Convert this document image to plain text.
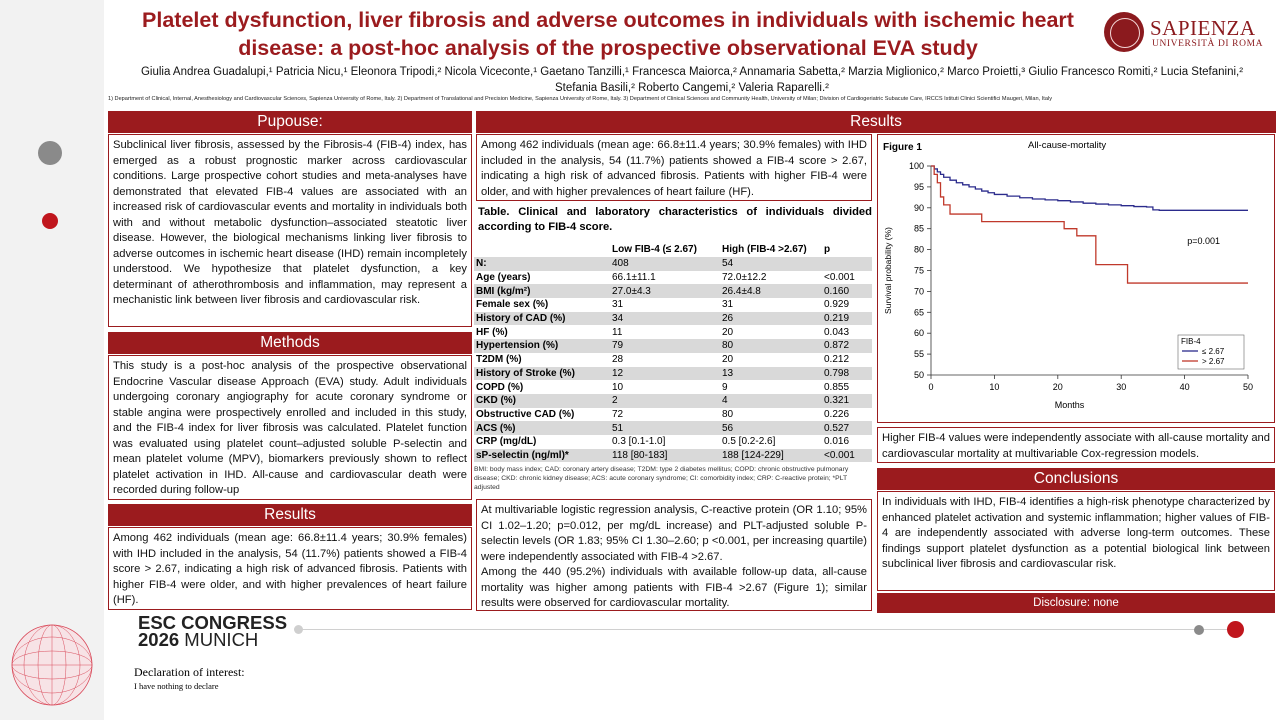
Platelet dysfunction, liver fibrosis and adverse outcomes in individuals with ischemic heart disease: a post-hoc analysis of the prospective observational EVA study
SAPIENZA
UNIVERSITÀ DI ROMA
Giulia Andrea Guadalupi,¹ Patricia Nicu,¹ Eleonora Tripodi,² Nicola Viceconte,¹ Gaetano Tanzilli,¹ Francesca Maiorca,² Annamaria Sabetta,² Marzia Miglionico,² Marco Proietti,³ Giulio Francesco Romiti,² Lucia Stefanini,²
Stefania Basili,² Roberto Cangemi,² Valeria Raparelli.²
1) Department of Clinical, Internal, Anesthesiology and Cardiovascular Sciences, Sapienza University of Rome, Italy. 2) Department of Translational and Precision Medicine, Sapienza University of Rome, Italy. 3) Department of Clinical Sciences and Community Health, University of Milan; Division of Cardiogeriatric Subacute Care, IRCCS Istituti Clinici Scientifici Maugeri, Milan, Italy
Pupouse:
Subclinical liver fibrosis, assessed by the Fibrosis-4 (FIB-4) index, has emerged as a robust prognostic marker across cardiovascular conditions. Large prospective cohort studies and meta-analyses have demonstrated that elevated FIB-4 values are associated with an increased risk of cardiovascular events and mortality in individuals both with and without metabolic dysfunction–associated steatotic liver disease. However, the biological mechanisms linking liver fibrosis to adverse outcomes in ischemic heart disease (IHD) remain incompletely understood. We hypothesize that platelet dysfunction, a key determinant of atherothrombosis and inflammation, may represent a mechanistic link between liver fibrosis and cardiovascular risk.
Methods
This study is a post-hoc analysis of the prospective observational Endocrine Vascular disease Approach (EVA) study. Adult individuals undergoing coronary angiography for acute coronary syndrome or stable angina were prospectively enrolled and included in this study, and the FIB-4 index for liver fibrosis was calculated. Platelet function was evaluated using platelet count–adjusted soluble P-selectin and mean platelet volume (MPV), biomarkers previously shown to reflect platelet activation in IHD. All-cause and cardiovascular death were recorded during follow-up
Results
Among 462 individuals (mean age: 66.8±11.4 years; 30.9% females) with IHD included in the analysis, 54 (11.7%) patients showed a FIB-4 score > 2.67, indicating a high risk of advanced fibrosis. Patients with higher FIB-4 were older, and with higher prevalences of heart failure (HF).
Results
Among 462 individuals (mean age: 66.8±11.4 years; 30.9% females) with IHD included in the analysis, 54 (11.7%) patients showed a FIB-4 score > 2.67, indicating a high risk of advanced fibrosis. Patients with higher FIB-4 were older, and with higher prevalences of heart failure (HF).
Table. Clinical and laboratory characteristics of individuals divided according to FIB-4 score.
	Low FIB-4 (≤ 2.67)	High (FIB-4 >2.67)	p
N:	408	54	
Age (years)	66.1±11.1	72.0±12.2	<0.001
BMI (kg/m²)	27.0±4.3	26.4±4.8	0.160
Female sex (%)	31	31	0.929
History of CAD (%)	34	26	0.219
HF (%)	11	20	0.043
Hypertension (%)	79	80	0.872
T2DM (%)	28	20	0.212
History of Stroke (%)	12	13	0.798
COPD (%)	10	9	0.855
CKD (%)	2	4	0.321
Obstructive CAD (%)	72	80	0.226
ACS (%)	51	56	0.527
CRP (mg/dL)	0.3 [0.1-1.0]	0.5 [0.2-2.6]	0.016
sP-selectin (ng/ml)*	118 [80-183]	188 [124-229]	<0.001
BMI: body mass index; CAD: coronary artery disease; T2DM: type 2 diabetes mellitus; COPD: chronic obstructive pulmonary disease; CKD: chronic kidney disease; ACS: acute coronary syndrome; CI: comorbidity index; CRP: C-reactive protein; *PLT adjusted
At multivariable logistic regression analysis, C-reactive protein (OR 1.10; 95% CI 1.02–1.20; p=0.012, per mg/dL increase) and PLT-adjusted soluble P-selectin levels (OR 1.83; 95% CI 1.30–2.60; p <0.001, per increasing quartile) were independently associated with FIB-4 >2.67.
Among the 440 (95.2%) individuals with available follow-up data, all-cause mortality was higher among patients with FIB-4 >2.67 (Figure 1); similar results were observed for cardiovascular mortality.
Figure 1	All-cause-mortality
50
55
60
65
70
75
80
85
90
95
100
0	10	20	30	40	50
Months
Survival probability (%)	p=0.001
FIB-4
≤ 2.67
> 2.67
Higher FIB-4 values were independently associate with all-cause mortality and cardiovascular mortality at multivariable Cox-regression models.
Conclusions
In individuals with IHD, FIB-4 identifies a high-risk phenotype characterized by enhanced platelet activation and systemic inflammation; higher values of FIB-4 are independently associated with adverse long-term outcomes. These findings support platelet dysfunction as a potential biological link between subclinical liver fibrosis and cardiovascular risk.
Disclosure: none
ESC CONGRESS
2026 MUNICH
Declaration of interest:
I have nothing to declare
